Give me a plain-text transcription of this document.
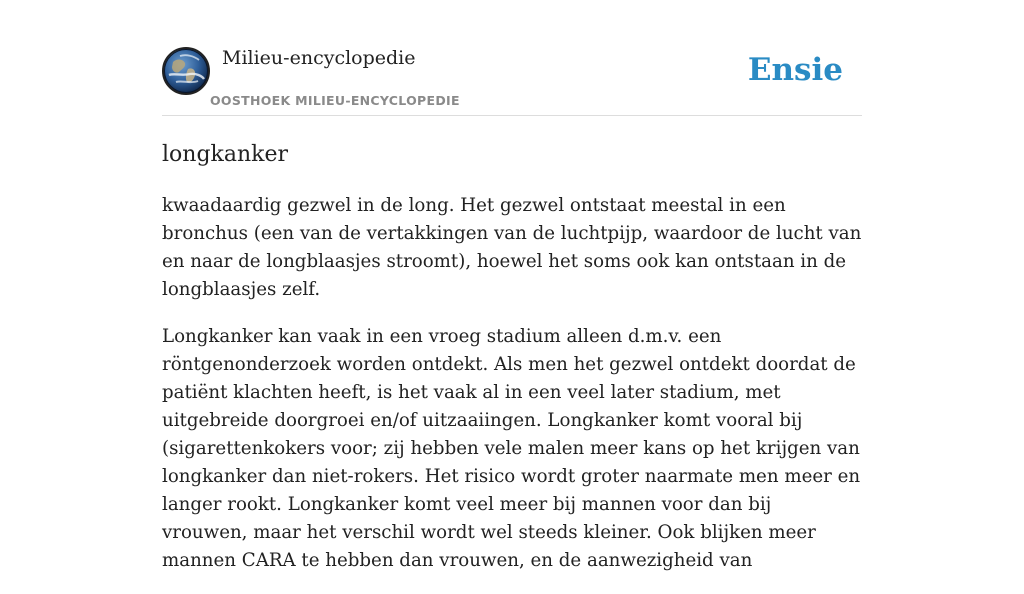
Milieu-encyclopedie
OOSTHOEK MILIEU-ENCYCLOPEDIE
Ensie
longkanker

kwaadaardig gezwel in de long. Het gezwel ontstaat meestal in een bronchus (een van de vertakkingen van de luchtpijp, waardoor de lucht van en naar de longblaasjes stroomt), hoewel het soms ook kan ontstaan in de longblaasjes zelf.

Longkanker kan vaak in een vroeg stadium alleen d.m.v. een röntgenonderzoek worden ontdekt. Als men het gezwel ontdekt doordat de patiënt klachten heeft, is het vaak al in een veel later stadium, met uitgebreide doorgroei en/of uitzaaiingen. Longkanker komt vooral bij (sigarettenkokers voor; zij hebben vele malen meer kans op het krijgen van longkanker dan niet-rokers. Het risico wordt groter naarmate men meer en langer rookt. Longkanker komt veel meer bij mannen voor dan bij vrouwen, maar het verschil wordt wel steeds kleiner. Ook blijken meer mannen CARA te hebben dan vrouwen, en de aanwezigheid van
